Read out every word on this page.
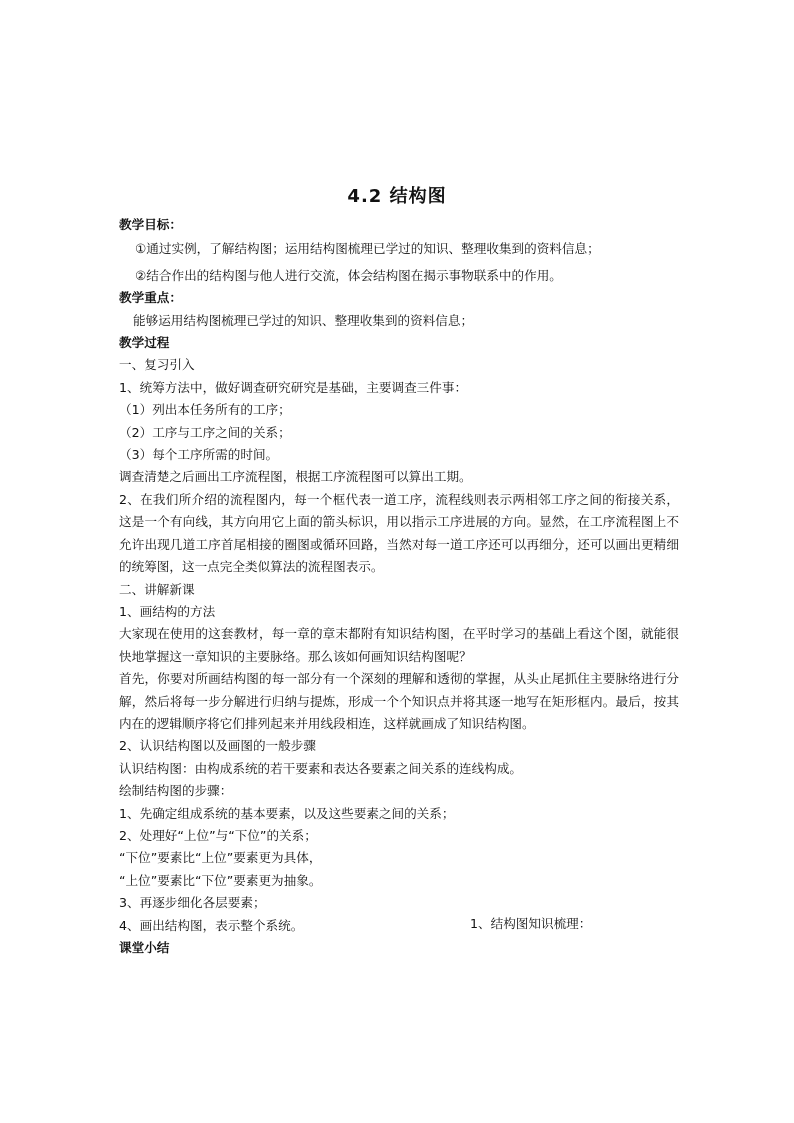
4.2 结构图
教学目标：
①通过实例，了解结构图；运用结构图梳理已学过的知识、整理收集到的资料信息；
②结合作出的结构图与他人进行交流，体会结构图在揭示事物联系中的作用。
教学重点：
能够运用结构图梳理已学过的知识、整理收集到的资料信息；
教学过程
一、复习引入
1、统筹方法中，做好调查研究研究是基础，主要调查三件事：
（1）列出本任务所有的工序；
（2）工序与工序之间的关系；
（3）每个工序所需的时间。
调查清楚之后画出工序流程图，根据工序流程图可以算出工期。
2、在我们所介绍的流程图内，每一个框代表一道工序，流程线则表示两相邻工序之间的衔接关系，这是一个有向线，其方向用它上面的箭头标识，用以指示工序进展的方向。显然，在工序流程图上不允许出现几道工序首尾相接的圈图或循环回路，当然对每一道工序还可以再细分，还可以画出更精细的统筹图，这一点完全类似算法的流程图表示。
二、讲解新课
1、画结构的方法
大家现在使用的这套教材，每一章的章末都附有知识结构图，在平时学习的基础上看这个图，就能很快地掌握这一章知识的主要脉络。那么该如何画知识结构图呢？
首先，你要对所画结构图的每一部分有一个深刻的理解和透彻的掌握，从头止尾抓住主要脉络进行分解，然后将每一步分解进行归纳与提炼，形成一个个知识点并将其逐一地写在矩形框内。最后，按其内在的逻辑顺序将它们排列起来并用线段相连，这样就画成了知识结构图。
2、认识结构图以及画图的一般步骤
认识结构图：由构成系统的若干要素和表达各要素之间关系的连线构成。
绘制结构图的步骤：
1、先确定组成系统的基本要素，以及这些要素之间的关系；
2、处理好“上位”与“下位”的关系；
“下位”要素比“上位”要素更为具体，
“上位”要素比“下位”要素更为抽象。
3、再逐步细化各层要素；
4、画出结构图，表示整个系统。
课堂小结
1、结构图知识梳理：
